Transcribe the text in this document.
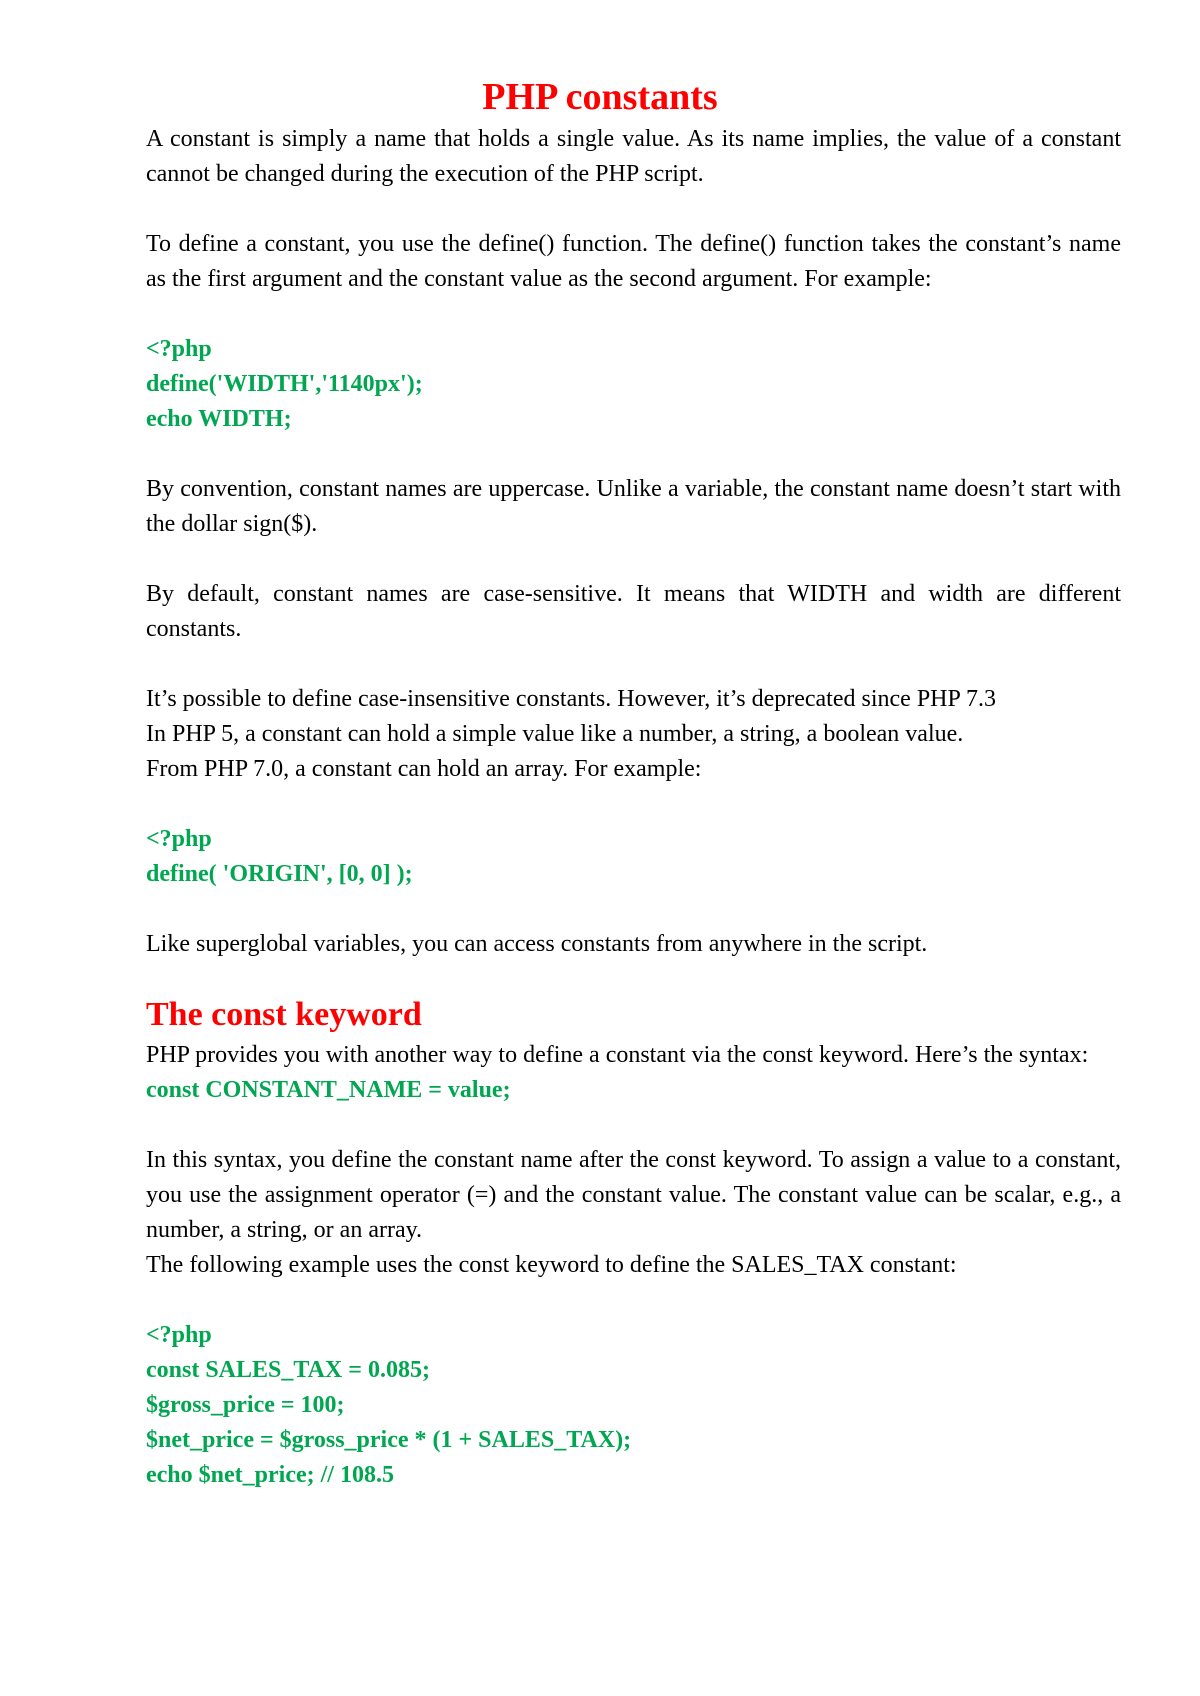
PHP constants

A constant is simply a name that holds a single value. As its name implies, the value of a constant cannot be changed during the execution of the PHP script.

To define a constant, you use the define() function. The define() function takes the constant’s name as the first argument and the constant value as the second argument. For example:

<?php
define('WIDTH','1140px');
echo WIDTH;

By convention, constant names are uppercase. Unlike a variable, the constant name doesn’t start with the dollar sign($).

By default, constant names are case-sensitive. It means that WIDTH and width are different constants.

It’s possible to define case-insensitive constants. However, it’s deprecated since PHP 7.3

In PHP 5, a constant can hold a simple value like a number, a string, a boolean value.

From PHP 7.0, a constant can hold an array. For example:

<?php
define( 'ORIGIN', [0, 0] );

Like superglobal variables, you can access constants from anywhere in the script.

The const keyword

PHP provides you with another way to define a constant via the const keyword. Here’s the syntax:

const CONSTANT_NAME = value;

In this syntax, you define the constant name after the const keyword. To assign a value to a constant, you use the assignment operator (=) and the constant value. The constant value can be scalar, e.g., a number, a string, or an array.

The following example uses the const keyword to define the SALES_TAX constant:

<?php
const SALES_TAX = 0.085;
$gross_price = 100;
$net_price = $gross_price * (1 + SALES_TAX);
echo $net_price; // 108.5
